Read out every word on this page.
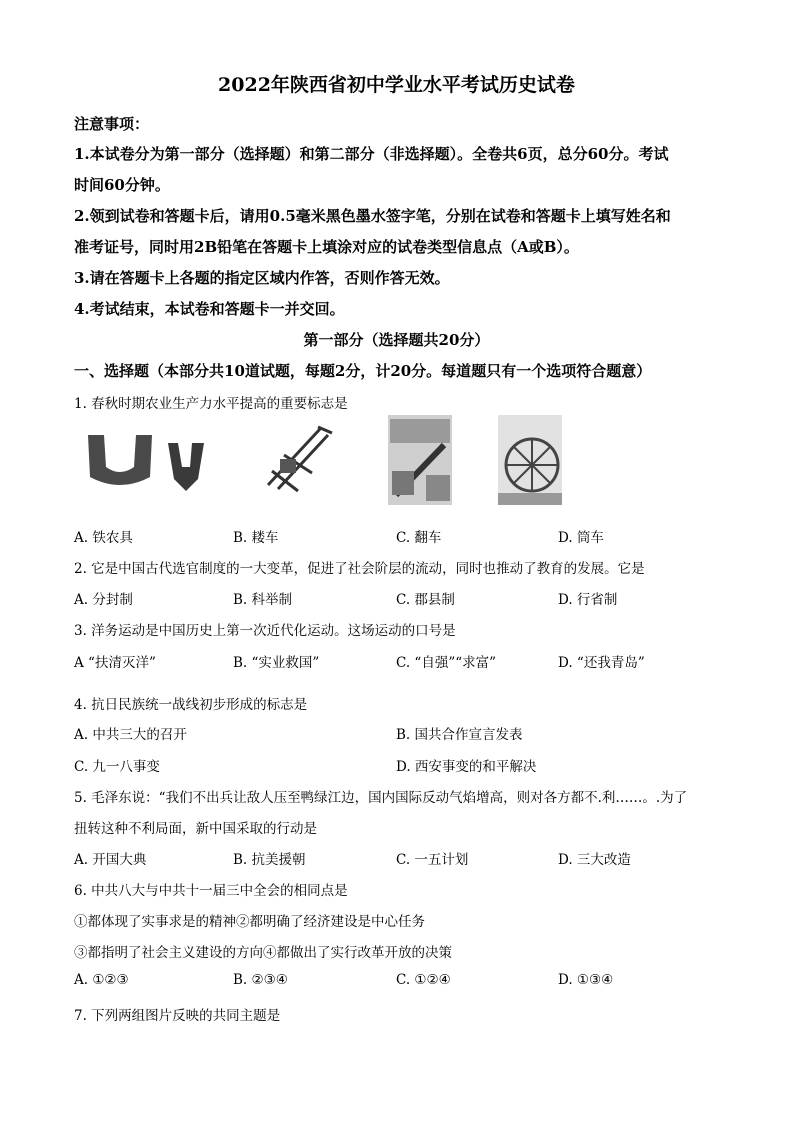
2022年陕西省初中学业水平考试历史试卷
注意事项：
1.本试卷分为第一部分（选择题）和第二部分（非选择题）。全卷共6页，总分60分。考试
时间60分钟。
2.领到试卷和答题卡后，请用0.5毫米黑色墨水签字笔，分别在试卷和答题卡上填写姓名和
准考证号，同时用2B铅笔在答题卡上填涂对应的试卷类型信息点（A或B）。
3.请在答题卡上各题的指定区域内作答，否则作答无效。
4.考试结束，本试卷和答题卡一并交回。
第一部分（选择题共20分）
一、选择题（本部分共10道试题，每题2分，计20分。每道题只有一个选项符合题意）
1. 春秋时期农业生产力水平提高的重要标志是
A. 铁农具	B. 耧车	C. 翻车	D. 筒车
2. 它是中国古代选官制度的一大变革，促进了社会阶层的流动，同时也推动了教育的发展。它是
A. 分封制	B. 科举制	C. 郡县制	D. 行省制
3. 洋务运动是中国历史上第一次近代化运动。这场运动的口号是
A “扶清灭洋”	B. “实业救国”	C. “自强”“求富”	D. “还我青岛”
4. 抗日民族统一战线初步形成的标志是
A. 中共三大的召开	B. 国共合作宣言发表
C. 九一八事变	D. 西安事变的和平解决
5. 毛泽东说：“我们不出兵让敌人压至鸭绿江边，国内国际反动气焰增高，则对各方都不.利……。.为了
扭转这种不利局面，新中国采取的行动是
A. 开国大典	B. 抗美援朝	C. 一五计划	D. 三大改造
6. 中共八大与中共十一届三中全会的相同点是
①都体现了实事求是的精神②都明确了经济建设是中心任务
③都指明了社会主义建设的方向④都做出了实行改革开放的决策
A. ①②③	B. ②③④	C. ①②④	D. ①③④
7. 下列两组图片反映的共同主题是
